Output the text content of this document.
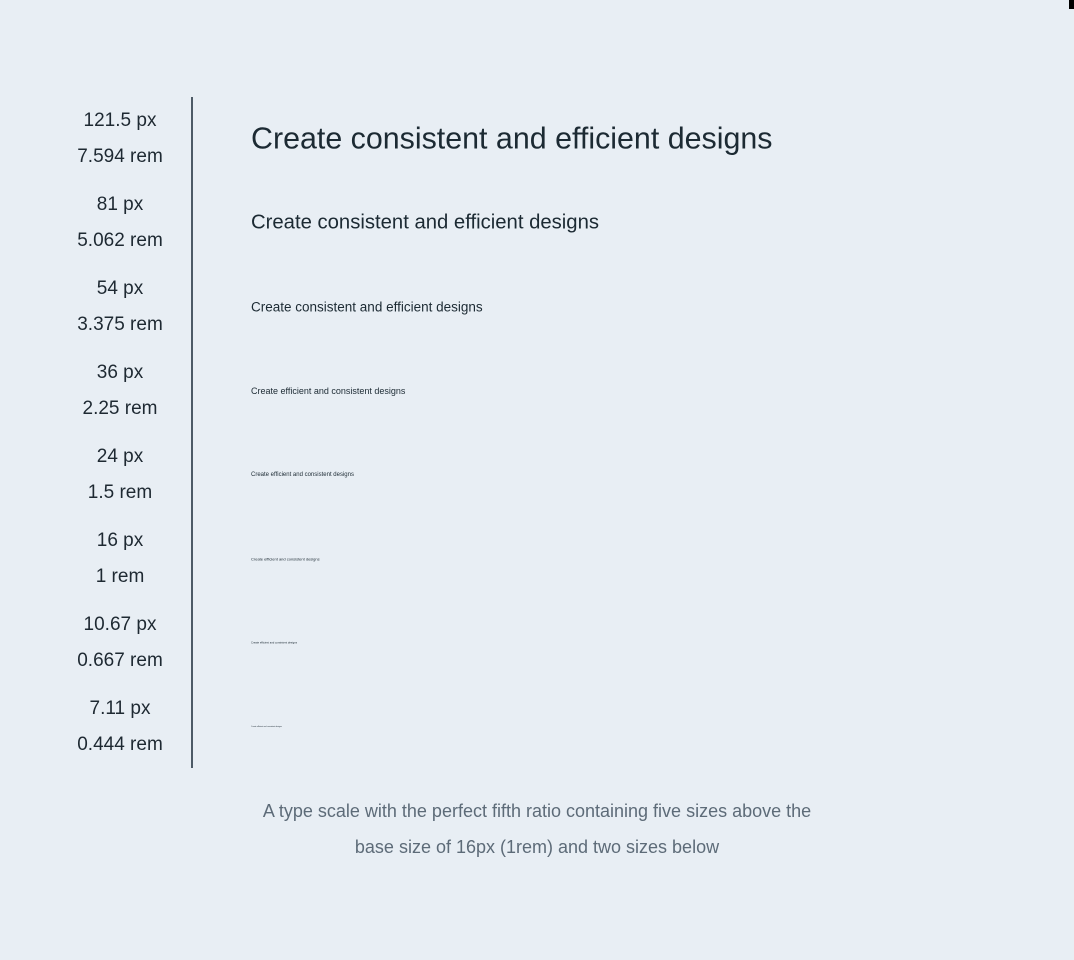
121.5 px
7.594 rem
Create consistent and efficient designs
81 px
5.062 rem
Create consistent and efficient designs
54 px
3.375 rem
Create consistent and efficient designs
36 px
2.25 rem
Create efficient and consistent designs
24 px
1.5 rem
Create efficient and consistent designs
16 px
1 rem
Create efficient and consistent designs
10.67 px
0.667 rem
Create efficient and consistent designs
7.11 px
0.444 rem
Create efficient and consistent designs
A type scale with the perfect fifth ratio containing five sizes above the
base size of 16px (1rem) and two sizes below
